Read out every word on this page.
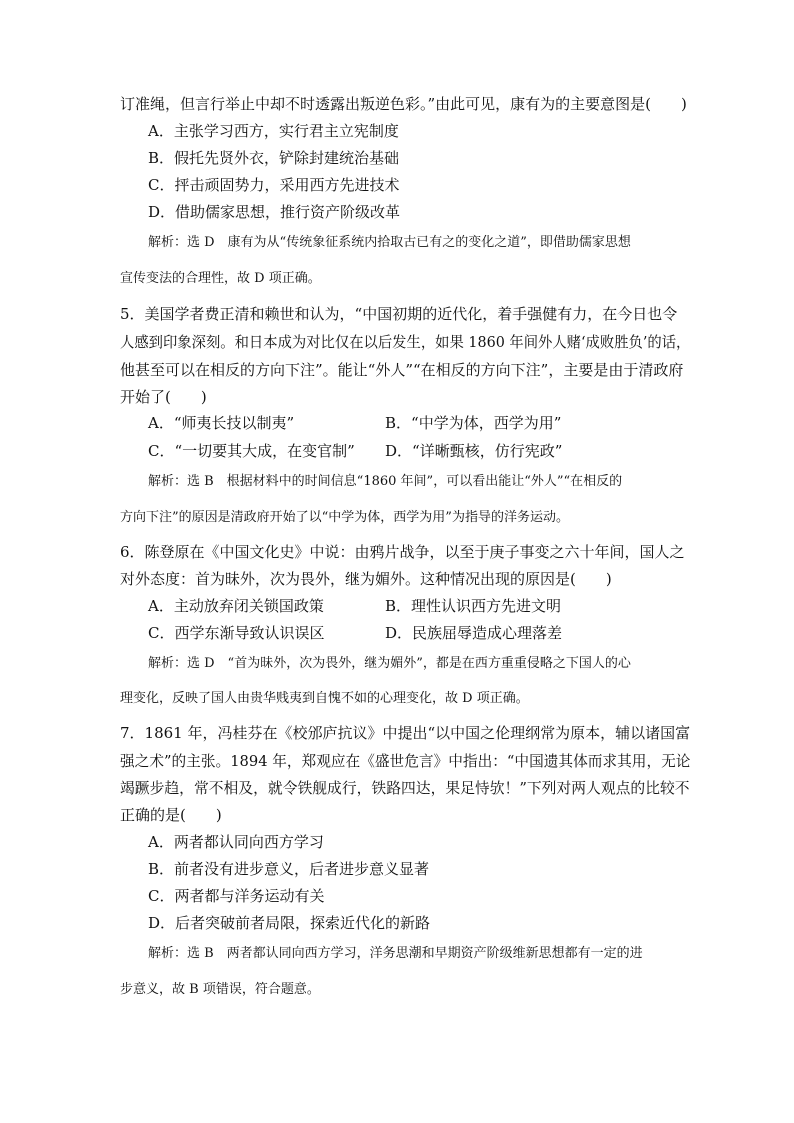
订准绳，但言行举止中却不时透露出叛逆色彩。”由此可见，康有为的主要意图是(　　)
A．主张学习西方，实行君主立宪制度
B．假托先贤外衣，铲除封建统治基础
C．抨击顽固势力，采用西方先进技术
D．借助儒家思想，推行资产阶级改革
解析：选 D　康有为从“传统象征系统内拾取古已有之的变化之道”，即借助儒家思想
宣传变法的合理性，故 D 项正确。
5．美国学者费正清和赖世和认为，“中国初期的近代化，着手强健有力，在今日也令
人感到印象深刻。和日本成为对比仅在以后发生，如果 1860 年间外人赌‘成败胜负’的话，
他甚至可以在相反的方向下注”。能让“外人”“在相反的方向下注”，主要是由于清政府
开始了(　　)
A．“师夷长技以制夷”	B．“中学为体，西学为用”
C．“一切要其大成，在变官制” D．“详晰甄核，仿行宪政”
解析：选 B　根据材料中的时间信息“1860 年间”，可以看出能让“外人”“在相反的
方向下注”的原因是清政府开始了以“中学为体，西学为用”为指导的洋务运动。
6．陈登原在《中国文化史》中说：由鸦片战争，以至于庚子事变之六十年间，国人之
对外态度：首为昧外，次为畏外，继为媚外。这种情况出现的原因是(　　)
A．主动放弃闭关锁国政策	B．理性认识西方先进文明
C．西学东渐导致认识误区	D．民族屈辱造成心理落差
解析：选 D　“首为昧外，次为畏外，继为媚外”，都是在西方重重侵略之下国人的心
理变化，反映了国人由贵华贱夷到自愧不如的心理变化，故 D 项正确。
7．1861 年，冯桂芬在《校邠庐抗议》中提出“以中国之伦理纲常为原本，辅以诸国富
强之术”的主张。1894 年，郑观应在《盛世危言》中指出：“中国遗其体而求其用，无论
竭蹶步趋，常不相及，就令铁舰成行，铁路四达，果足恃欤！”下列对两人观点的比较不
正确的是(　　)
A．两者都认同向西方学习
B．前者没有进步意义，后者进步意义显著
C．两者都与洋务运动有关
D．后者突破前者局限，探索近代化的新路
解析：选 B　两者都认同向西方学习，洋务思潮和早期资产阶级维新思想都有一定的进
步意义，故 B 项错误，符合题意。
